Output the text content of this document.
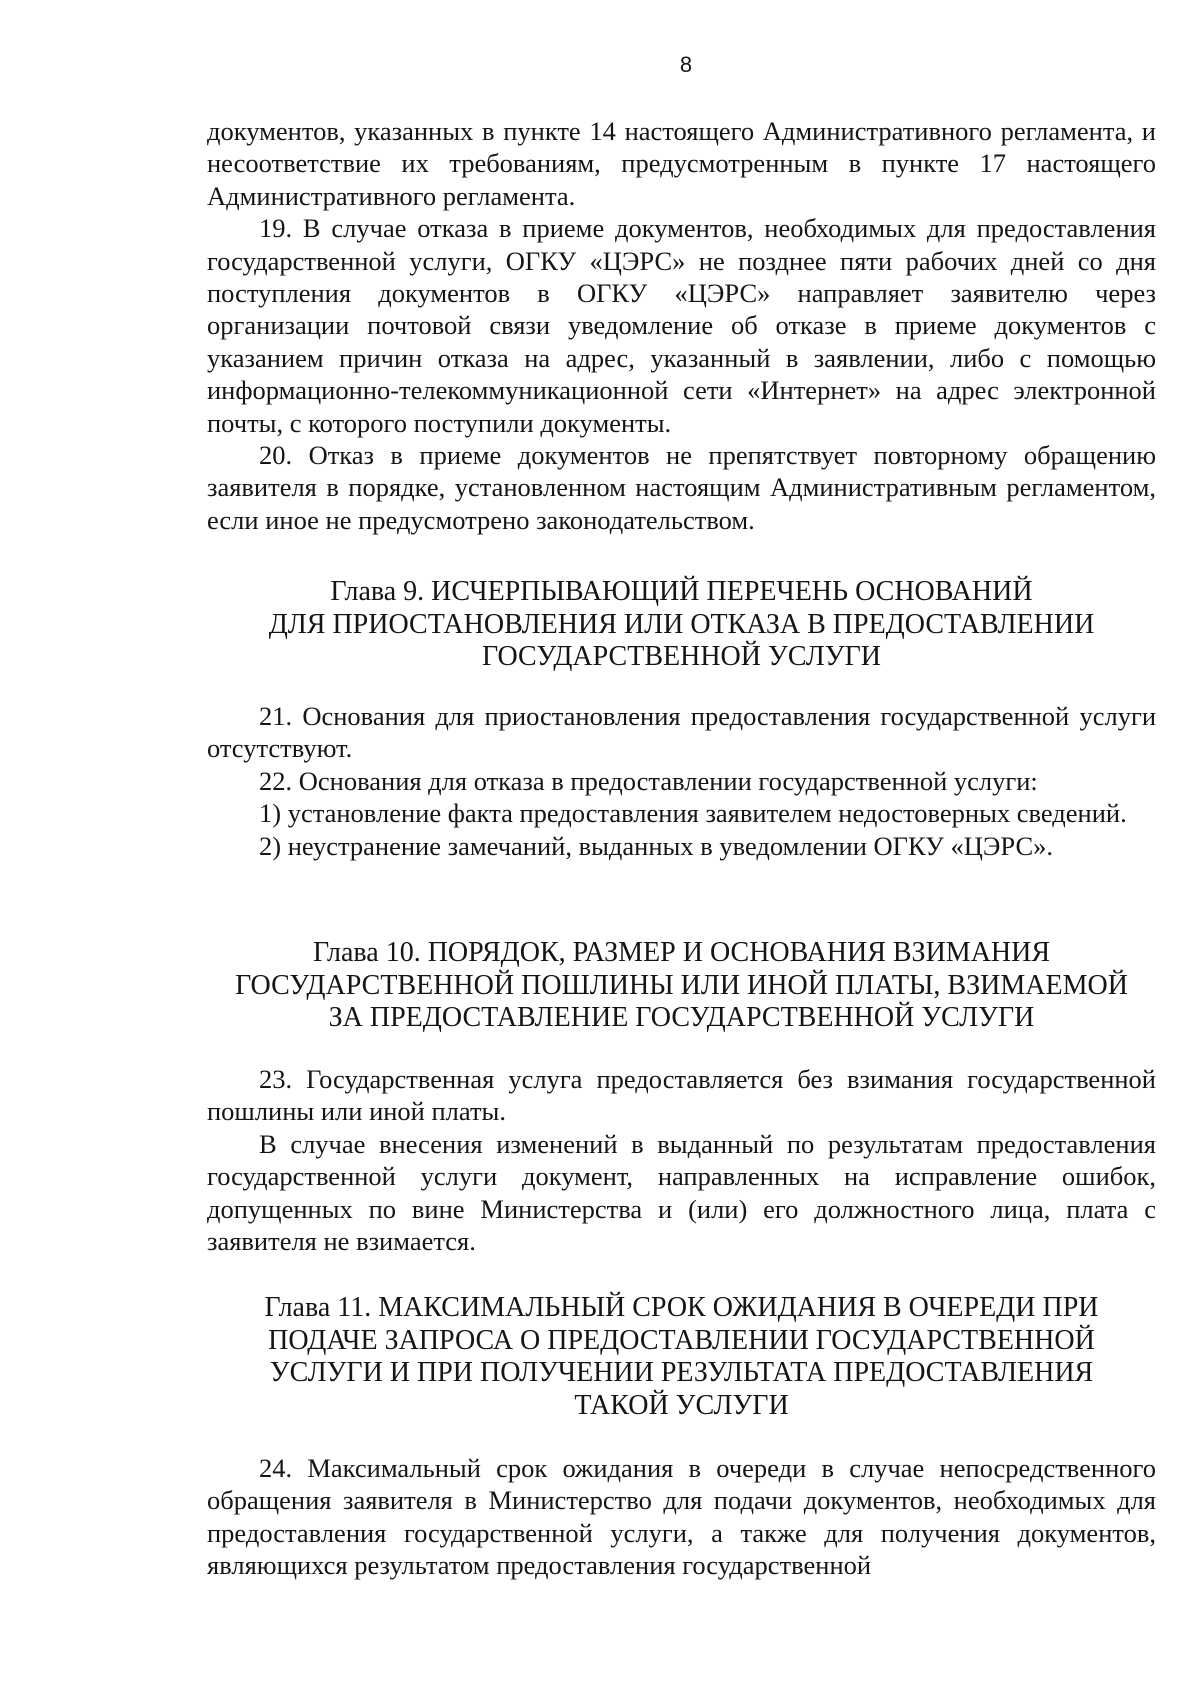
8

документов, указанных в пункте 14 настоящего Административного регламента, и несоответствие их требованиям, предусмотренным в пункте 17 настоящего Административного регламента.

19. В случае отказа в приеме документов, необходимых для предоставления государственной услуги, ОГКУ «ЦЭРС» не позднее пяти рабочих дней со дня поступления документов в ОГКУ «ЦЭРС» направляет заявителю через организации почтовой связи уведомление об отказе в приеме документов с указанием причин отказа на адрес, указанный в заявлении, либо с помощью информационно-телекоммуникационной сети «Интернет» на адрес электронной почты, с которого поступили документы.

20. Отказ в приеме документов не препятствует повторному обращению заявителя в порядке, установленном настоящим Административным регламентом, если иное не предусмотрено законодательством.

Глава 9. ИСЧЕРПЫВАЮЩИЙ ПЕРЕЧЕНЬ ОСНОВАНИЙ
ДЛЯ ПРИОСТАНОВЛЕНИЯ ИЛИ ОТКАЗА В ПРЕДОСТАВЛЕНИИ
ГОСУДАРСТВЕННОЙ УСЛУГИ

21. Основания для приостановления предоставления государственной услуги отсутствуют.

22. Основания для отказа в предоставлении государственной услуги:

1) установление факта предоставления заявителем недостоверных сведений.

2) неустранение замечаний, выданных в уведомлении ОГКУ «ЦЭРС».

Глава 10. ПОРЯДОК, РАЗМЕР И ОСНОВАНИЯ ВЗИМАНИЯ
ГОСУДАРСТВЕННОЙ ПОШЛИНЫ ИЛИ ИНОЙ ПЛАТЫ, ВЗИМАЕМОЙ
ЗА ПРЕДОСТАВЛЕНИЕ ГОСУДАРСТВЕННОЙ УСЛУГИ

23. Государственная услуга предоставляется без взимания государственной пошлины или иной платы.

В случае внесения изменений в выданный по результатам предоставления государственной услуги документ, направленных на исправление ошибок, допущенных по вине Министерства и (или) его должностного лица, плата с заявителя не взимается.

Глава 11. МАКСИМАЛЬНЫЙ СРОК ОЖИДАНИЯ В ОЧЕРЕДИ ПРИ
ПОДАЧЕ ЗАПРОСА О ПРЕДОСТАВЛЕНИИ ГОСУДАРСТВЕННОЙ
УСЛУГИ И ПРИ ПОЛУЧЕНИИ РЕЗУЛЬТАТА ПРЕДОСТАВЛЕНИЯ
ТАКОЙ УСЛУГИ

24. Максимальный срок ожидания в очереди в случае непосредственного обращения заявителя в Министерство для подачи документов, необходимых для предоставления государственной услуги, а также для получения документов, являющихся результатом предоставления государственной
